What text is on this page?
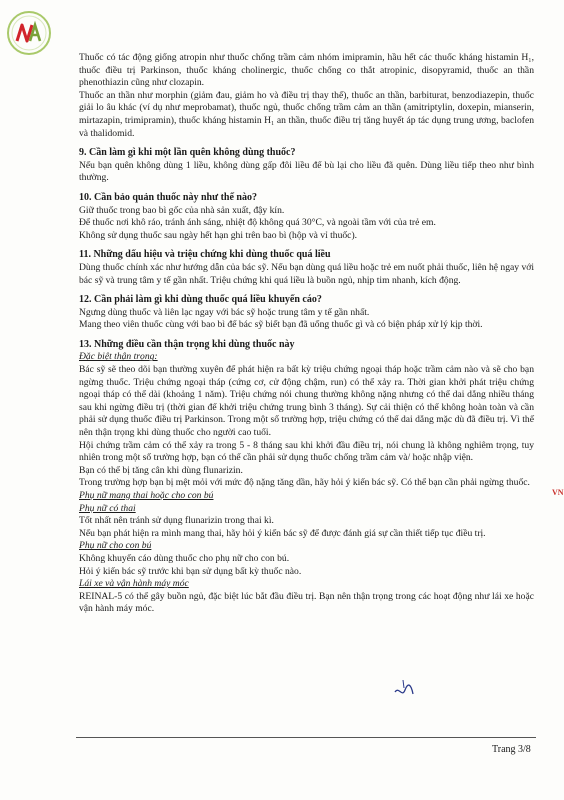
Thuốc có tác động giống atropin như thuốc chống trầm cảm nhóm imipramin, hầu hết các thuốc kháng histamin H₁, thuốc điều trị Parkinson, thuốc kháng cholinergic, thuốc chống co thắt atropinic, disopyramid, thuốc an thần phenothiazin cũng như clozapin.

Thuốc an thần như morphin (giảm đau, giảm ho và điều trị thay thế), thuốc an thần, barbiturat, benzodiazepin, thuốc giải lo âu khác (ví dụ như meprobamat), thuốc ngủ, thuốc chống trầm cảm an thần (amitriptylin, doxepin, mianserin, mirtazapin, trimipramin), thuốc kháng histamin H₁ an thần, thuốc điều trị tăng huyết áp tác dụng trung ương, baclofen và thalidomid.

9. Cần làm gì khi một lần quên không dùng thuốc?

Nếu bạn quên không dùng 1 liều, không dùng gấp đôi liều để bù lại cho liều đã quên. Dùng liều tiếp theo như bình thường.

10. Cần bảo quản thuốc này như thế nào?

Giữ thuốc trong bao bì gốc của nhà sản xuất, đậy kín.

Để thuốc nơi khô ráo, tránh ánh sáng, nhiệt độ không quá 30°C, và ngoài tầm với của trẻ em.

Không sử dụng thuốc sau ngày hết hạn ghi trên bao bì (hộp và vỉ thuốc).

11. Những dấu hiệu và triệu chứng khi dùng thuốc quá liều

Dùng thuốc chính xác như hướng dẫn của bác sỹ. Nếu bạn dùng quá liều hoặc trẻ em nuốt phải thuốc, liên hệ ngay với bác sỹ và trung tâm y tế gần nhất. Triệu chứng khi quá liều là buồn ngủ, nhịp tim nhanh, kích động.

12. Cần phải làm gì khi dùng thuốc quá liều khuyến cáo?

Ngưng dùng thuốc và liên lạc ngay với bác sỹ hoặc trung tâm y tế gần nhất.

Mang theo viên thuốc cùng với bao bì để bác sỹ biết bạn đã uống thuốc gì và có biện pháp xử lý kịp thời.

13. Những điều cần thận trọng khi dùng thuốc này

Đặc biệt thận trọng:

Bác sỹ sẽ theo dõi bạn thường xuyên để phát hiện ra bất kỳ triệu chứng ngoại tháp hoặc trầm cảm nào và sẽ cho bạn ngừng thuốc. Triệu chứng ngoại tháp (cứng cơ, cử động chậm, run) có thể xảy ra. Thời gian khởi phát triệu chứng ngoại tháp có thể dài (khoảng 1 năm). Triệu chứng nói chung thường không nặng nhưng có thể dai dẳng nhiều tháng sau khi ngừng điều trị (thời gian để khởi triệu chứng trung bình 3 tháng). Sự cải thiện có thể không hoàn toàn và cần phải sử dụng thuốc điều trị Parkinson. Trong một số trường hợp, triệu chứng có thể dai dẳng mặc dù đã điều trị. Vì thế nên thận trọng khi dùng thuốc cho người cao tuổi.

Hội chứng trầm cảm có thể xảy ra trong 5 - 8 tháng sau khi khởi đầu điều trị, nói chung là không nghiêm trọng, tuy nhiên trong một số trường hợp, bạn có thể cần phải sử dụng thuốc chống trầm cảm và/ hoặc nhập viện.

Bạn có thể bị tăng cân khi dùng flunarizin.

Trong trường hợp bạn bị mệt mỏi với mức độ nặng tăng dần, hãy hỏi ý kiến bác sỹ. Có thể bạn cần phải ngừng thuốc.

Phụ nữ mang thai hoặc cho con bú

Phụ nữ có thai

Tốt nhất nên tránh sử dụng flunarizin trong thai kì.

Nếu bạn phát hiện ra mình mang thai, hãy hỏi ý kiến bác sỹ để được đánh giá sự cần thiết tiếp tục điều trị.

Phụ nữ cho con bú

Không khuyến cáo dùng thuốc cho phụ nữ cho con bú.

Hỏi ý kiến bác sỹ trước khi bạn sử dụng bất kỳ thuốc nào.

Lái xe và vận hành máy móc

REINAL-5 có thể gây buồn ngủ, đặc biệt lúc bắt đầu điều trị. Bạn nên thận trọng trong các hoạt động như lái xe hoặc vận hành máy móc.

VN
Trang 3/8
